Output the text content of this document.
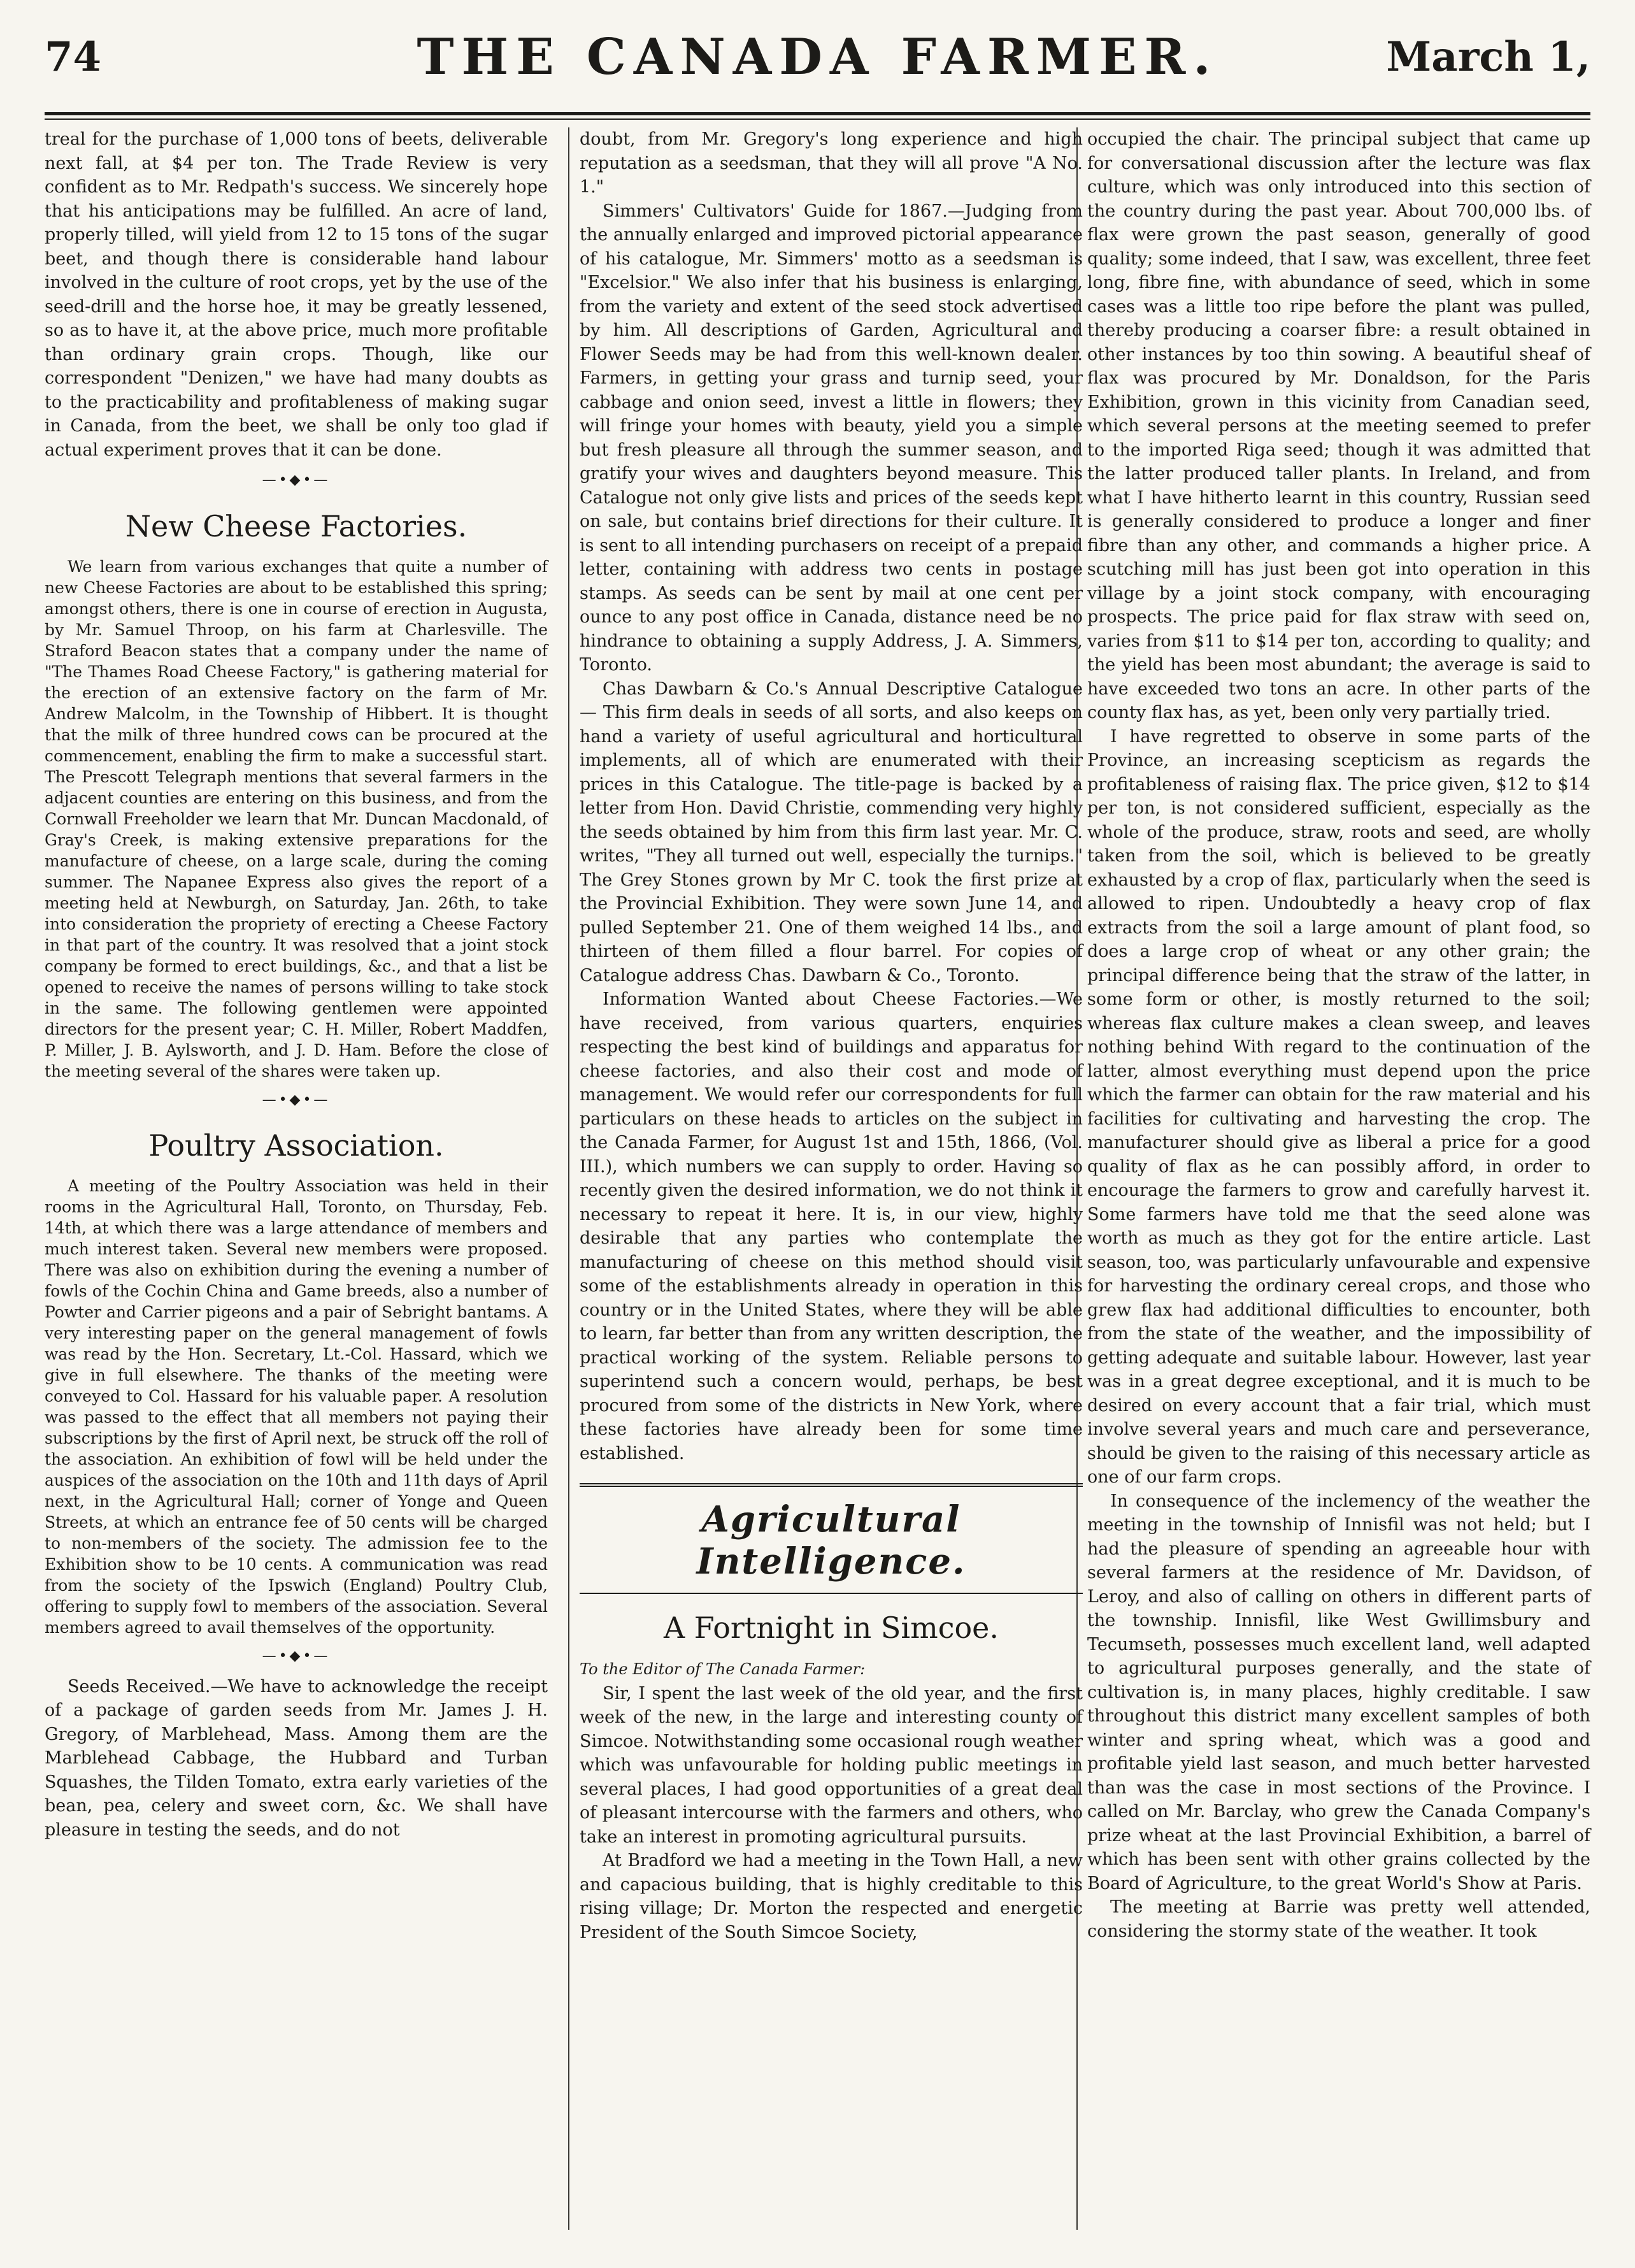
74	THE CANADA FARMER.	March 1,

treal for the purchase of 1,000 tons of beets, deliverable next fall, at $4 per ton. The Trade Review is very confident as to Mr. Redpath's success. We sincerely hope that his anticipations may be fulfilled. An acre of land, properly tilled, will yield from 12 to 15 tons of the sugar beet, and though there is considerable hand labour involved in the culture of root crops, yet by the use of the seed-drill and the horse hoe, it may be greatly lessened, so as to have it, at the above price, much more profitable than ordinary grain crops. Though, like our correspondent "Denizen," we have had many doubts as to the practicability and profitableness of making sugar in Canada, from the beet, we shall be only too glad if actual experiment proves that it can be done.

—•◆•—
New Cheese Factories.

We learn from various exchanges that quite a number of new Cheese Factories are about to be established this spring; amongst others, there is one in course of erection in Augusta, by Mr. Samuel Throop, on his farm at Charlesville. The Straford Beacon states that a company under the name of "The Thames Road Cheese Factory," is gathering material for the erection of an extensive factory on the farm of Mr. Andrew Malcolm, in the Township of Hibbert. It is thought that the milk of three hundred cows can be procured at the commencement, enabling the firm to make a successful start. The Prescott Telegraph mentions that several farmers in the adjacent counties are entering on this business, and from the Cornwall Freeholder we learn that Mr. Duncan Macdonald, of Gray's Creek, is making extensive preparations for the manufacture of cheese, on a large scale, during the coming summer. The Napanee Express also gives the report of a meeting held at Newburgh, on Saturday, Jan. 26th, to take into consideration the propriety of erecting a Cheese Factory in that part of the country. It was resolved that a joint stock company be formed to erect buildings, &c., and that a list be opened to receive the names of persons willing to take stock in the same. The following gentlemen were appointed directors for the present year; C. H. Miller, Robert Maddfen, P. Miller, J. B. Aylsworth, and J. D. Ham. Before the close of the meeting several of the shares were taken up.

—•◆•—
Poultry Association.

A meeting of the Poultry Association was held in their rooms in the Agricultural Hall, Toronto, on Thursday, Feb. 14th, at which there was a large attendance of members and much interest taken. Several new members were proposed. There was also on exhibition during the evening a number of fowls of the Cochin China and Game breeds, also a number of Powter and Carrier pigeons and a pair of Sebright bantams. A very interesting paper on the general management of fowls was read by the Hon. Secretary, Lt.-Col. Hassard, which we give in full elsewhere. The thanks of the meeting were conveyed to Col. Hassard for his valuable paper. A resolution was passed to the effect that all members not paying their subscriptions by the first of April next, be struck off the roll of the association. An exhibition of fowl will be held under the auspices of the association on the 10th and 11th days of April next, in the Agricultural Hall; corner of Yonge and Queen Streets, at which an entrance fee of 50 cents will be charged to non-members of the society. The admission fee to the Exhibition show to be 10 cents. A communication was read from the society of the Ipswich (England) Poultry Club, offering to supply fowl to members of the association. Several members agreed to avail themselves of the opportunity.

—•◆•—

Seeds Received.—We have to acknowledge the receipt of a package of garden seeds from Mr. James J. H. Gregory, of Marblehead, Mass. Among them are the Marblehead Cabbage, the Hubbard and Turban Squashes, the Tilden Tomato, extra early varieties of the bean, pea, celery and sweet corn, &c. We shall have pleasure in testing the seeds, and do not

doubt, from Mr. Gregory's long experience and high reputation as a seedsman, that they will all prove "A No. 1."

Simmers' Cultivators' Guide for 1867.—Judging from the annually enlarged and improved pictorial appearance of his catalogue, Mr. Simmers' motto as a seedsman is "Excelsior." We also infer that his business is enlarging, from the variety and extent of the seed stock advertised by him. All descriptions of Garden, Agricultural and Flower Seeds may be had from this well-known dealer. Farmers, in getting your grass and turnip seed, your cabbage and onion seed, invest a little in flowers; they will fringe your homes with beauty, yield you a simple but fresh pleasure all through the summer season, and gratify your wives and daughters beyond measure. This Catalogue not only give lists and prices of the seeds kept on sale, but contains brief directions for their culture. It is sent to all intending purchasers on receipt of a prepaid letter, containing with address two cents in postage stamps. As seeds can be sent by mail at one cent per ounce to any post office in Canada, distance need be no hindrance to obtaining a supply Address, J. A. Simmers, Toronto.

Chas Dawbarn & Co.'s Annual Descriptive Catalogue — This firm deals in seeds of all sorts, and also keeps on hand a variety of useful agricultural and horticultural implements, all of which are enumerated with their prices in this Catalogue. The title-page is backed by a letter from Hon. David Christie, commending very highly the seeds obtained by him from this firm last year. Mr. C. writes, "They all turned out well, especially the turnips." The Grey Stones grown by Mr C. took the first prize at the Provincial Exhibition. They were sown June 14, and pulled September 21. One of them weighed 14 lbs., and thirteen of them filled a flour barrel. For copies of Catalogue address Chas. Dawbarn & Co., Toronto.

Information Wanted about Cheese Factories.—We have received, from various quarters, enquiries respecting the best kind of buildings and apparatus for cheese factories, and also their cost and mode of management. We would refer our correspondents for full particulars on these heads to articles on the subject in the Canada Farmer, for August 1st and 15th, 1866, (Vol. III.), which numbers we can supply to order. Having so recently given the desired information, we do not think it necessary to repeat it here. It is, in our view, highly desirable that any parties who contemplate the manufacturing of cheese on this method should visit some of the establishments already in operation in this country or in the United States, where they will be able to learn, far better than from any written description, the practical working of the system. Reliable persons to superintend such a concern would, perhaps, be best procured from some of the districts in New York, where these factories have already been for some time established.

Agricultural Intelligence.
A Fortnight in Simcoe.

To the Editor of The Canada Farmer:

Sir, I spent the last week of the old year, and the first week of the new, in the large and interesting county of Simcoe. Notwithstanding some occasional rough weather which was unfavourable for holding public meetings in several places, I had good opportunities of a great deal of pleasant intercourse with the farmers and others, who take an interest in promoting agricultural pursuits.

At Bradford we had a meeting in the Town Hall, a new and capacious building, that is highly creditable to this rising village; Dr. Morton the respected and energetic President of the South Simcoe Society,

occupied the chair. The principal subject that came up for conversational discussion after the lecture was flax culture, which was only introduced into this section of the country during the past year. About 700,000 lbs. of flax were grown the past season, generally of good quality; some indeed, that I saw, was excellent, three feet long, fibre fine, with abundance of seed, which in some cases was a little too ripe before the plant was pulled, thereby producing a coarser fibre: a result obtained in other instances by too thin sowing. A beautiful sheaf of flax was procured by Mr. Donaldson, for the Paris Exhibition, grown in this vicinity from Canadian seed, which several persons at the meeting seemed to prefer to the imported Riga seed; though it was admitted that the latter produced taller plants. In Ireland, and from what I have hitherto learnt in this country, Russian seed is generally considered to produce a longer and finer fibre than any other, and commands a higher price. A scutching mill has just been got into operation in this village by a joint stock company, with encouraging prospects. The price paid for flax straw with seed on, varies from $11 to $14 per ton, according to quality; and the yield has been most abundant; the average is said to have exceeded two tons an acre. In other parts of the county flax has, as yet, been only very partially tried.

I have regretted to observe in some parts of the Province, an increasing scepticism as regards the profitableness of raising flax. The price given, $12 to $14 per ton, is not considered sufficient, especially as the whole of the produce, straw, roots and seed, are wholly taken from the soil, which is believed to be greatly exhausted by a crop of flax, particularly when the seed is allowed to ripen. Undoubtedly a heavy crop of flax extracts from the soil a large amount of plant food, so does a large crop of wheat or any other grain; the principal difference being that the straw of the latter, in some form or other, is mostly returned to the soil; whereas flax culture makes a clean sweep, and leaves nothing behind With regard to the continuation of the latter, almost everything must depend upon the price which the farmer can obtain for the raw material and his facilities for cultivating and harvesting the crop. The manufacturer should give as liberal a price for a good quality of flax as he can possibly afford, in order to encourage the farmers to grow and carefully harvest it. Some farmers have told me that the seed alone was worth as much as they got for the entire article. Last season, too, was particularly unfavourable and expensive for harvesting the ordinary cereal crops, and those who grew flax had additional difficulties to encounter, both from the state of the weather, and the impossibility of getting adequate and suitable labour. However, last year was in a great degree exceptional, and it is much to be desired on every account that a fair trial, which must involve several years and much care and perseverance, should be given to the raising of this necessary article as one of our farm crops.

In consequence of the inclemency of the weather the meeting in the township of Innisfil was not held; but I had the pleasure of spending an agreeable hour with several farmers at the residence of Mr. Davidson, of Leroy, and also of calling on others in different parts of the township. Innisfil, like West Gwillimsbury and Tecumseth, possesses much excellent land, well adapted to agricultural purposes generally, and the state of cultivation is, in many places, highly creditable. I saw throughout this district many excellent samples of both winter and spring wheat, which was a good and profitable yield last season, and much better harvested than was the case in most sections of the Province. I called on Mr. Barclay, who grew the Canada Company's prize wheat at the last Provincial Exhibition, a barrel of which has been sent with other grains collected by the Board of Agriculture, to the great World's Show at Paris.

The meeting at Barrie was pretty well attended, considering the stormy state of the weather. It took
